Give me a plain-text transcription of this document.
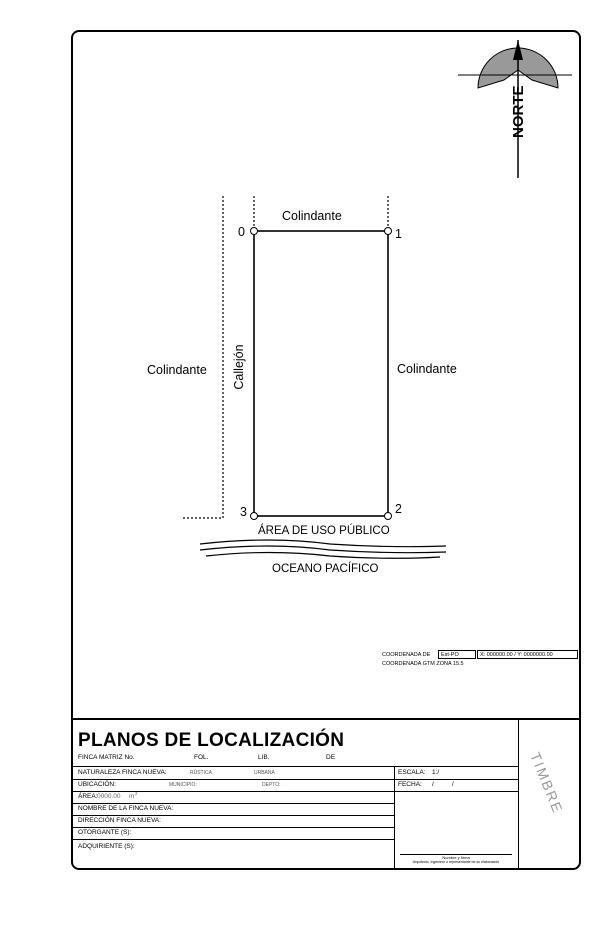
NORTE
Colindante
Colindante	Colindante
Callejón
ÁREA DE USO PÚBLICO
OCEANO PACÍFICO
0	1
2
3
COORDENADA DE	Est-PO	X: 000000.00 / Y: 0000000.00
COORDENADA GTM ZONA 15.5
PLANOS DE LOCALIZACIÓN
FINCA MATRIZ No.	FOL.	LIB.	DE
NATURALEZA FINCA NUEVA:	RÚSTICA	URBANA
UBICACIÓN:	MUNICIPIO:	DEPTO:
ÁREA: 0000.00 m 2
NOMBRE DE LA FINCA NUEVA:
DIRECCIÓN FINCA NUEVA:
OTORGANTE (S):
ADQUIRIENTE (S):
ESCALA: 1:/
FECHA: /          /
Nombre y firma
Arquitecto, Ingeniero o representante de su elaboración
TIMBRE
